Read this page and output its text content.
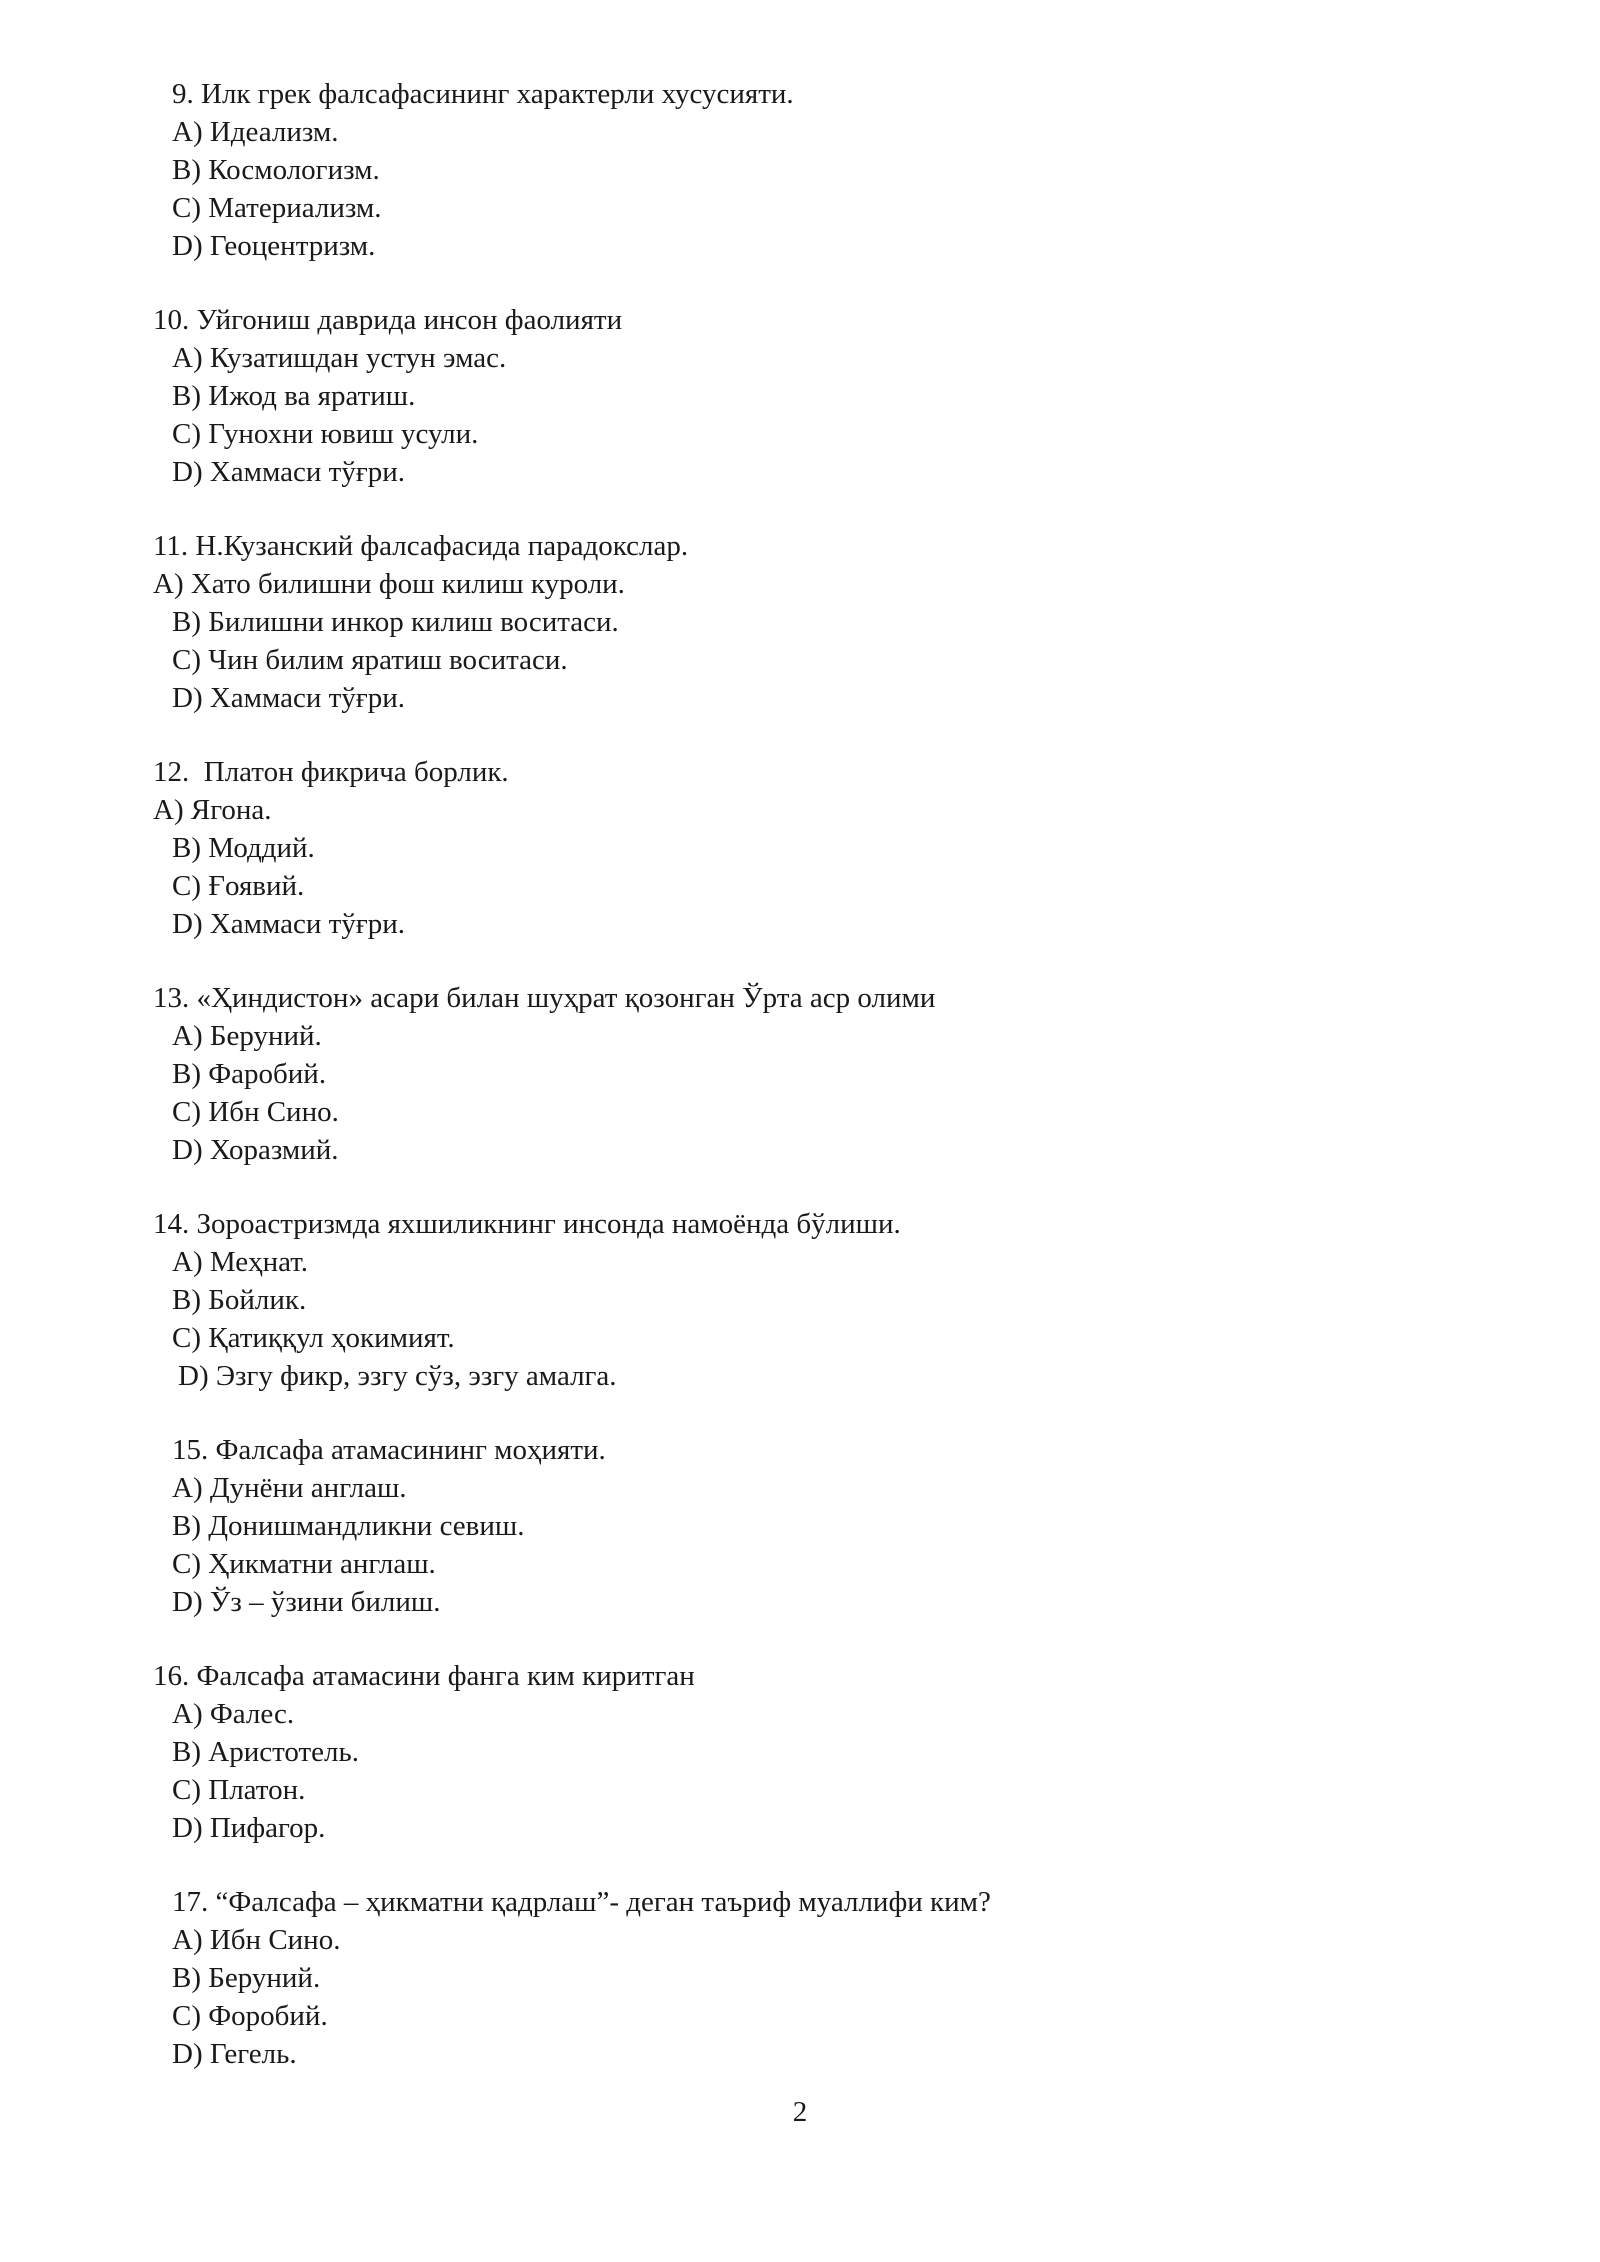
9. Илк грек фалсафасининг характерли хусусияти.
A) Идеализм.
B) Космологизм.
C) Материализм.
D) Геоцентризм.
10. Уйгониш даврида инсон фаолияти
A) Кузатишдан устун эмас.
B) Ижод ва яратиш.
C) Гунохни ювиш усули.
D) Хаммаси тўғри.
11. Н.Кузанский фалсафасида парадокслар.
A) Хато билишни фош килиш куроли.
B) Билишни инкор килиш воситаси.
C) Чин билим яратиш воситаси.
D) Хаммаси тўғри.
12.  Платон фикрича борлик.
A) Ягона.
B) Моддий.
C) Ғоявий.
D) Хаммаси тўғри.
13. «Ҳиндистон» асари билан шуҳрат қозонган Ўрта аср олими
A) Беруний.
B) Фаробий.
C) Ибн Сино.
D) Хоразмий.
14. Зороастризмда яхшиликнинг инсонда намоёнда бўлиши.
A) Меҳнат.
B) Бойлик.
C) Қатиққул ҳокимият.
D) Эзгу фикр, эзгу сўз, эзгу амалга.
15. Фалсафа атамасининг моҳияти.
A) Дунёни англаш.
B) Донишмандликни севиш.
C) Ҳикматни англаш.
D) Ўз – ўзини билиш.
16. Фалсафа атамасини фанга ким киритган
A) Фалес.
B) Аристотель.
C) Платон.
D) Пифагор.
17. “Фалсафа – ҳикматни қадрлаш”- деган таъриф муаллифи ким?
A) Ибн Сино.
B) Беруний.
C) Форобий.
D) Гегель.
2
